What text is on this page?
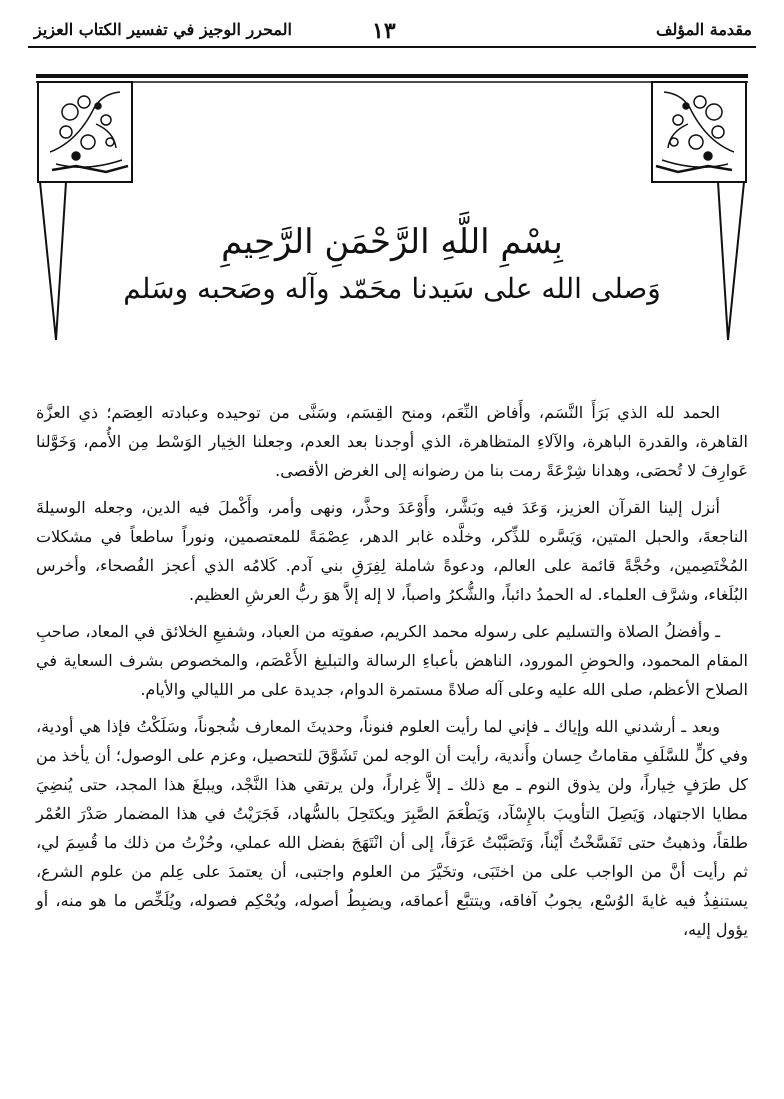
مقدمة المؤلف
١٣
المحرر الوجيز في تفسير الكتاب العزيز
بِسْمِ اللَّهِ الرَّحْمَنِ الرَّحِيمِ
وَصلى الله على سَيدنا محَمّد وآله وصَحبه وسَلم

الحمد لله الذي بَرَأَ النَّسَم، وأَفاض النِّعَم، ومنح القِسَم، وسَنَّى من توحيده وعبادته العِصَم؛ ذي العزَّة القاهرة، والقدرة الباهرة، والآلاءِ المتظاهرة، الذي أوجدنا بعد العدم، وجعلنا الخِيار الوَسْط مِن الأُمم، وَخَوَّلنا عَوارِفَ لا تُحصَى، وهدانا شِرْعَةً رمت بنا من رضوانه إلى الغرض الأقصى.

أنزل إلينا القرآن العزيز، وَعَدَ فيه وبَشَّر، وأَوْعَدَ وحذَّر، ونهى وأمر، وأَكْملَ فيه الدين، وجعله الوسيلةَ الناجعةَ، والحبل المتين، وَيَسَّره للذِّكر، وخلَّده غابر الدهر، عِصْمَةً للمعتصمين، ونوراً ساطعاً في مشكلات المُخْتَصِمين، وحُجَّةً قائمة على العالم، ودعوةً شاملة لِفِرَقِ بني آدم. كَلامُه الذي أعجز الفُصحاء، وأخرس البُلَغاء، وشرَّف العلماء. له الحمدُ دائباً، والشُّكرُ واصباً، لا إله إلاَّ هوَ ربُّ العرشِ العظيم.

ـ وأفضلُ الصلاة والتسليم على رسوله محمد الكريم، صفوتِه من العباد، وشفيعِ الخلائق في المعاد، صاحبِ المقام المحمود، والحوضِ المورود، الناهض بأعباءِ الرسالة والتبليغ الأَعْصَم، والمخصوص بشرف السعاية في الصلاح الأعظم، صلى الله عليه وعلى آله صلاةً مستمرة الدوام، جديدة على مر الليالي والأيام.

وبعد ـ أرشدني الله وإياك ـ فإني لما رأيت العلوم فنوناً، وحديثَ المعارف شُجوناً، وسَلَكْتُ فإذا هي أودية، وفي كلٍّ للسَّلَفِ مقاماتُ حِسان وأَندية، رأيت أن الوجه لمن تَشَوَّقَ للتحصيل، وعزم على الوصول؛ أن يأخذ من كل طرَفٍ خِياراً، ولن يذوق النوم ـ مع ذلك ـ إلاَّ غِراراً، ولن يرتقي هذا النَّجْد، ويبلغَ هذا المجد، حتى يُنضِيَ مطايا الاجتهاد، وَيَصِلَ التأويبَ بالإِسْآد، وَيَطْعَمَ الصَّبِرَ ويكتَحِلَ بالسُّهاد، فَجَرَيْتُ في هذا المضمار صَدْرَ العُمْر طلقاً، وذهبتُ حتى تَفَسَّخْتُ أَيْناً، وَتَصَبَّبْتُ عَرَقاً، إلى أن انْتَهَجَ بفضل الله عملي، وحُزْتُ من ذلك ما قُسِمَ لي، ثم رأيت أنَّ من الواجب على من اختَبَى، وتخَيَّرَ من العلوم واجتبى، أن يعتمدَ على عِلم من علوم الشرع، يستنفِذُ فيه غايةَ الوُسْع، يجوبُ آفاقه، ويتتبَّع أعماقه، ويضبِطُ أصوله، ويُحْكِم فصوله، ويُلَخِّص ما هو منه، أو يؤول إليه،
